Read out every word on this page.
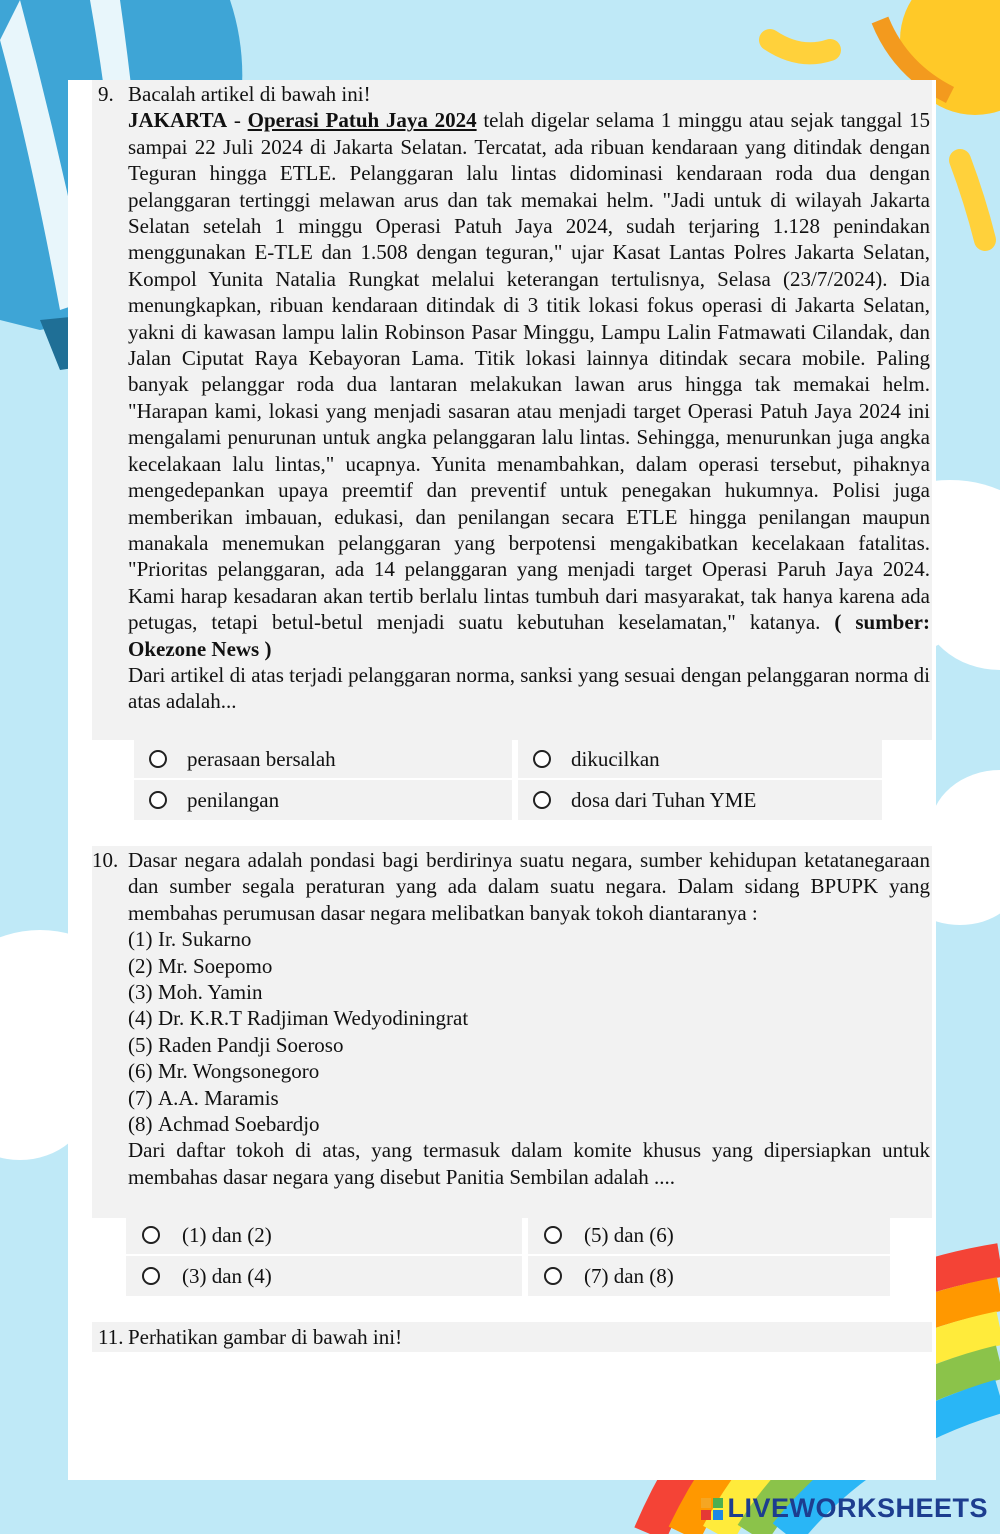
9. Bacalah artikel di bawah ini!

JAKARTA - Operasi Patuh Jaya 2024 telah digelar selama 1 minggu atau sejak tanggal 15 sampai 22 Juli 2024 di Jakarta Selatan. Tercatat, ada ribuan kendaraan yang ditindak dengan Teguran hingga ETLE. Pelanggaran lalu lintas didominasi kendaraan roda dua dengan pelanggaran tertinggi melawan arus dan tak memakai helm. "Jadi untuk di wilayah Jakarta Selatan setelah 1 minggu Operasi Patuh Jaya 2024, sudah terjaring 1.128 penindakan menggunakan E-TLE dan 1.508 dengan teguran," ujar Kasat Lantas Polres Jakarta Selatan, Kompol Yunita Natalia Rungkat melalui keterangan tertulisnya, Selasa (23/7/2024). Dia menungkapkan, ribuan kendaraan ditindak di 3 titik lokasi fokus operasi di Jakarta Selatan, yakni di kawasan lampu lalin Robinson Pasar Minggu, Lampu Lalin Fatmawati Cilandak, dan Jalan Ciputat Raya Kebayoran Lama. Titik lokasi lainnya ditindak secara mobile. Paling banyak pelanggar roda dua lantaran melakukan lawan arus hingga tak memakai helm. "Harapan kami, lokasi yang menjadi sasaran atau menjadi target Operasi Patuh Jaya 2024 ini mengalami penurunan untuk angka pelanggaran lalu lintas. Sehingga, menurunkan juga angka kecelakaan lalu lintas," ucapnya. Yunita menambahkan, dalam operasi tersebut, pihaknya mengedepankan upaya preemtif dan preventif untuk penegakan hukumnya. Polisi juga memberikan imbauan, edukasi, dan penilangan secara ETLE hingga penilangan maupun manakala menemukan pelanggaran yang berpotensi mengakibatkan kecelakaan fatalitas. "Prioritas pelanggaran, ada 14 pelanggaran yang menjadi target Operasi Paruh Jaya 2024. Kami harap kesadaran akan tertib berlalu lintas tumbuh dari masyarakat, tak hanya karena ada petugas, tetapi betul-betul menjadi suatu kebutuhan keselamatan," katanya. ( sumber: Okezone News )

Dari artikel di atas terjadi pelanggaran norma, sanksi yang sesuai dengan pelanggaran norma di atas adalah...

perasaan bersalah	dikucilkan
penilangan	dosa dari Tuhan YME
10. Dasar negara adalah pondasi bagi berdirinya suatu negara, sumber kehidupan ketatanegaraan dan sumber segala peraturan yang ada dalam suatu negara. Dalam sidang BPUPK yang membahas perumusan dasar negara melibatkan banyak tokoh diantaranya :

(1) Ir. Sukarno
(2) Mr. Soepomo
(3) Moh. Yamin
(4) Dr. K.R.T Radjiman Wedyodiningrat
(5) Raden Pandji Soeroso
(6) Mr. Wongsonegoro
(7) A.A. Maramis
(8) Achmad Soebardjo

Dari daftar tokoh di atas, yang termasuk dalam komite khusus yang dipersiapkan untuk membahas dasar negara yang disebut Panitia Sembilan adalah ....

(1) dan (2)	(5) dan (6)
(3) dan (4)	(7) dan (8)
11. Perhatikan gambar di bawah ini!
LIVEWORKSHEETS
